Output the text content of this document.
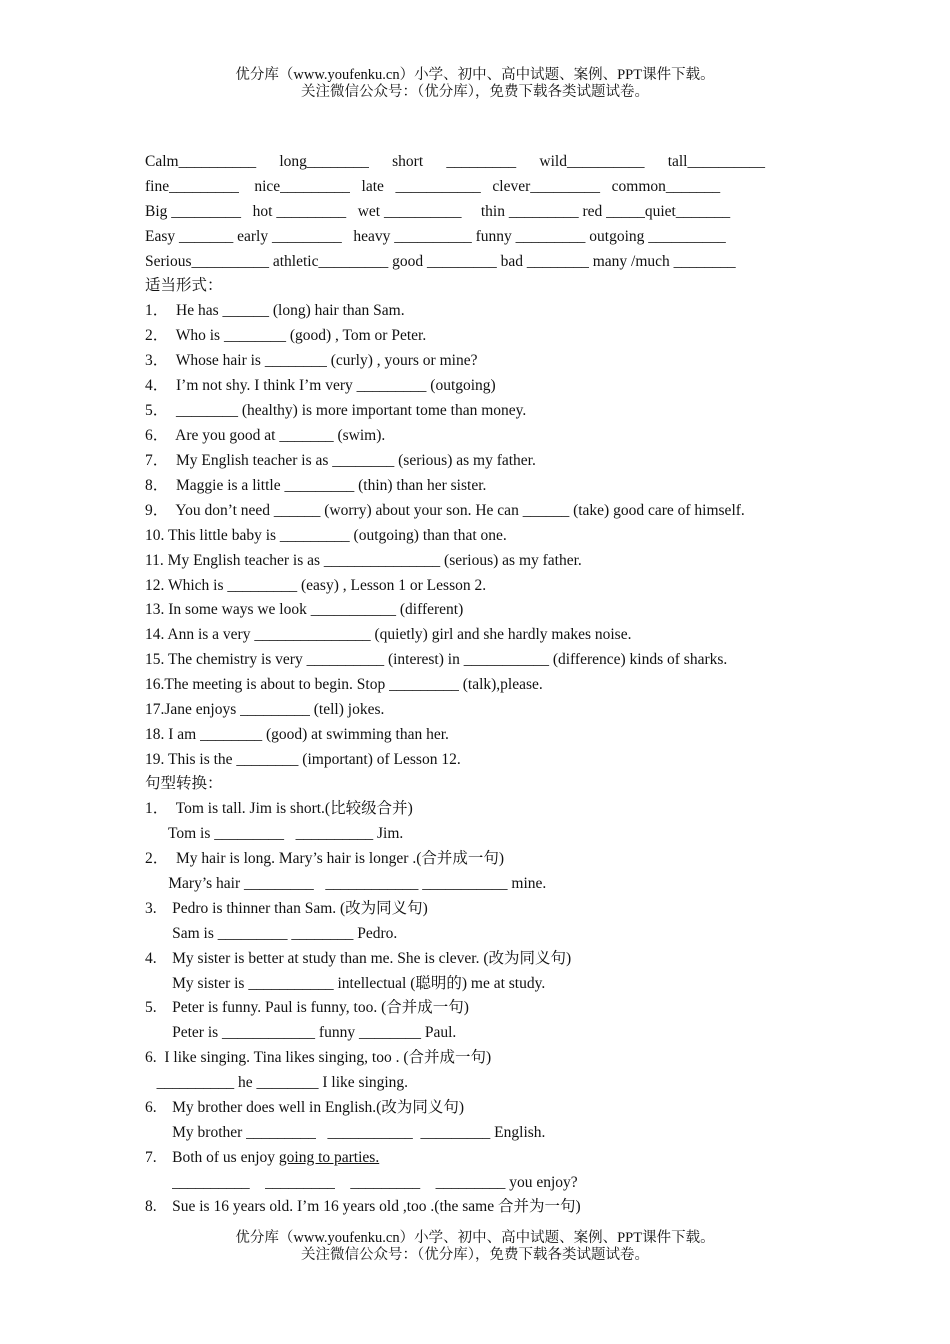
优分库（www.youfenku.cn）小学、初中、高中试题、案例、PPT课件下载。
关注微信公众号：（优分库），免费下载各类试题试卷。
Calm__________      long________      short      _________      wild__________      tall__________
fine_________    nice_________   late   ___________   clever_________   common_______
Big _________   hot _________   wet __________     thin _________ red _____quiet_______
Easy _______ early _________   heavy __________ funny _________ outgoing __________
Serious__________ athletic_________ good _________ bad ________ many /much ________
适当形式：
1．  He has ______ (long) hair than Sam.
2．  Who is ________ (good) , Tom or Peter.
3．  Whose hair is ________ (curly) , yours or mine?
4．  I’m not shy. I think I’m very _________ (outgoing)
5．  ________ (healthy) is more important tome than money.
6．  Are you good at _______ (swim).
7．  My English teacher is as ________ (serious) as my father.
8．  Maggie is a little _________ (thin) than her sister.
9．  You don’t need ______ (worry) about your son. He can ______ (take) good care of himself.
10. This little baby is _________ (outgoing) than that one.
11. My English teacher is as _______________ (serious) as my father.
12. Which is _________ (easy) , Lesson 1 or Lesson 2.
13. In some ways we look ___________ (different)
14. Ann is a very _______________ (quietly) girl and she hardly makes noise.
15. The chemistry is very __________ (interest) in ___________ (difference) kinds of sharks.
16.The meeting is about to begin. Stop _________ (talk),please.
17.Jane enjoys _________ (tell) jokes.
18. I am ________ (good) at swimming than her.
19. This is the ________ (important) of Lesson 12.
句型转换：
1．  Tom is tall. Jim is short.(比较级合并)
Tom is _________   __________ Jim.
2．  My hair is long. Mary’s hair is longer .(合并成一句)
Mary’s hair _________   ____________ ___________ mine.
3.    Pedro is thinner than Sam. (改为同义句)
Sam is _________ ________ Pedro.
4.    My sister is better at study than me. She is clever. (改为同义句)
My sister is ___________ intellectual (聪明的) me at study.
5.    Peter is funny. Paul is funny, too. (合并成一句)
Peter is ____________ funny ________ Paul.
6.  I like singing. Tina likes singing, too . (合并成一句)
__________ he ________ I like singing.
6.    My brother does well in English.(改为同义句)
My brother _________   ___________  _________ English.
7.    Both of us enjoy going to parties.
__________    _________    _________    _________ you enjoy?
8.    Sue is 16 years old. I’m 16 years old ,too .(the same 合并为一句)
优分库（www.youfenku.cn）小学、初中、高中试题、案例、PPT课件下载。
关注微信公众号：（优分库），免费下载各类试题试卷。
